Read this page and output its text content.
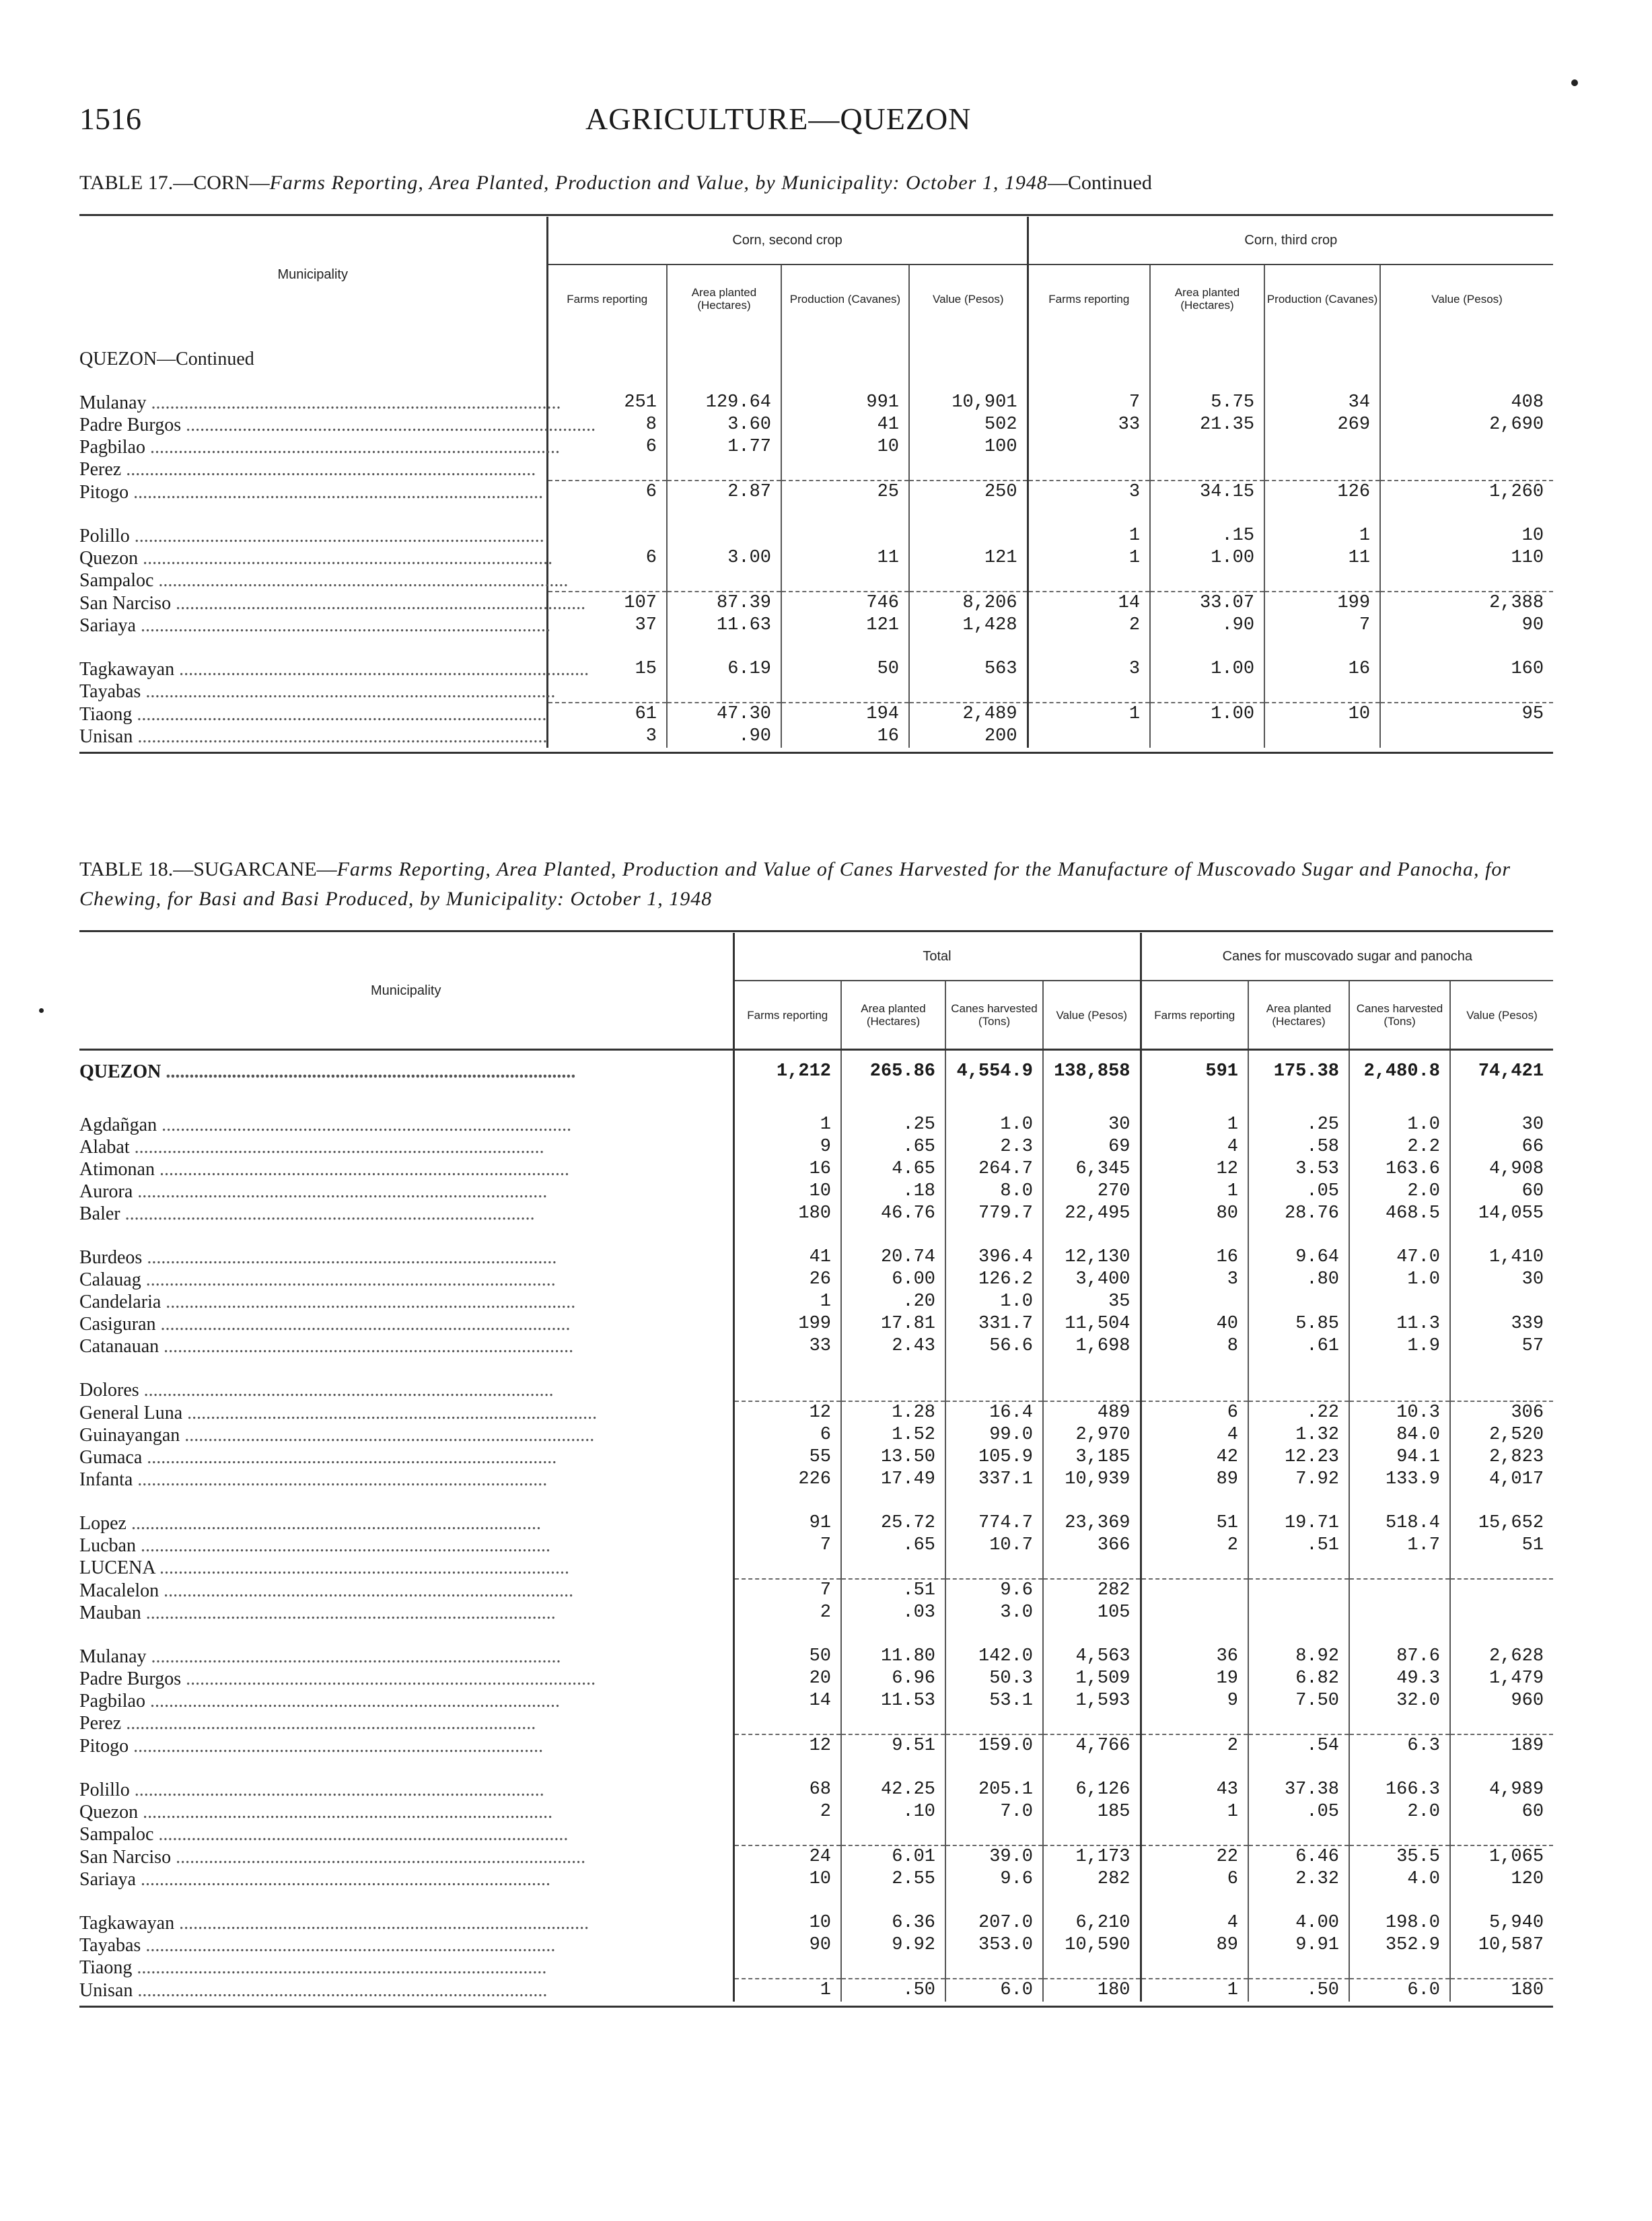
1516	AGRICULTURE—QUEZON
TABLE 17.—CORN—Farms Reporting, Area Planted, Production and Value, by Municipality: October 1, 1948—Continued
Municipality	Corn, second crop				Corn, third crop			
	Farms reporting	Area planted (Hectares)	Production (Cavanes)	Value (Pesos)	Farms reporting	Area planted (Hectares)	Production (Cavanes)	Value (Pesos)
QUEZON—Continued								

Mulanay .......................................................................................	251	129.64	991	10,901	7	5.75	34	408
Padre Burgos .......................................................................................	8	3.60	41	502	33	21.35	269	2,690
Pagbilao .......................................................................................	6	1.77	10	100				
Perez .......................................................................................								
Pitogo .......................................................................................	6	2.87	25	250	3	34.15	126	1,260

Polillo .......................................................................................					1	.15	1	10
Quezon .......................................................................................	6	3.00	11	121	1	1.00	11	110
Sampaloc .......................................................................................								
San Narciso .......................................................................................	107	87.39	746	8,206	14	33.07	199	2,388
Sariaya .......................................................................................	37	11.63	121	1,428	2	.90	7	90

Tagkawayan .......................................................................................	15	6.19	50	563	3	1.00	16	160
Tayabas .......................................................................................								
Tiaong .......................................................................................	61	47.30	194	2,489	1	1.00	10	95
Unisan .......................................................................................	3	.90	16	200				
TABLE 18.—SUGARCANE—Farms Reporting, Area Planted, Production and Value of Canes Harvested for the Manufacture of Muscovado Sugar and Panocha, for Chewing, for Basi and Basi Produced, by Municipality: October 1, 1948
Municipality	Total				Canes for muscovado sugar and panocha			
	Farms reporting	Area planted (Hectares)	Canes harvested (Tons)	Value (Pesos)	Farms reporting	Area planted (Hectares)	Canes harvested (Tons)	Value (Pesos)
QUEZON .......................................................................................	1,212	265.86	4,554.9	138,858	591	175.38	2,480.8	74,421

Agdañgan .......................................................................................	1	.25	1.0	30	1	.25	1.0	30
Alabat .......................................................................................	9	.65	2.3	69	4	.58	2.2	66
Atimonan .......................................................................................	16	4.65	264.7	6,345	12	3.53	163.6	4,908
Aurora .......................................................................................	10	.18	8.0	270	1	.05	2.0	60
Baler .......................................................................................	180	46.76	779.7	22,495	80	28.76	468.5	14,055

Burdeos .......................................................................................	41	20.74	396.4	12,130	16	9.64	47.0	1,410
Calauag .......................................................................................	26	6.00	126.2	3,400	3	.80	1.0	30
Candelaria .......................................................................................	1	.20	1.0	35				
Casiguran .......................................................................................	199	17.81	331.7	11,504	40	5.85	11.3	339
Catanauan .......................................................................................	33	2.43	56.6	1,698	8	.61	1.9	57

Dolores .......................................................................................								
General Luna .......................................................................................	12	1.28	16.4	489	6	.22	10.3	306
Guinayangan .......................................................................................	6	1.52	99.0	2,970	4	1.32	84.0	2,520
Gumaca .......................................................................................	55	13.50	105.9	3,185	42	12.23	94.1	2,823
Infanta .......................................................................................	226	17.49	337.1	10,939	89	7.92	133.9	4,017

Lopez .......................................................................................	91	25.72	774.7	23,369	51	19.71	518.4	15,652
Lucban .......................................................................................	7	.65	10.7	366	2	.51	1.7	51
LUCENA .......................................................................................								
Macalelon .......................................................................................	7	.51	9.6	282				
Mauban .......................................................................................	2	.03	3.0	105				

Mulanay .......................................................................................	50	11.80	142.0	4,563	36	8.92	87.6	2,628
Padre Burgos .......................................................................................	20	6.96	50.3	1,509	19	6.82	49.3	1,479
Pagbilao .......................................................................................	14	11.53	53.1	1,593	9	7.50	32.0	960
Perez .......................................................................................								
Pitogo .......................................................................................	12	9.51	159.0	4,766	2	.54	6.3	189

Polillo .......................................................................................	68	42.25	205.1	6,126	43	37.38	166.3	4,989
Quezon .......................................................................................	2	.10	7.0	185	1	.05	2.0	60
Sampaloc .......................................................................................								
San Narciso .......................................................................................	24	6.01	39.0	1,173	22	6.46	35.5	1,065
Sariaya .......................................................................................	10	2.55	9.6	282	6	2.32	4.0	120

Tagkawayan .......................................................................................	10	6.36	207.0	6,210	4	4.00	198.0	5,940
Tayabas .......................................................................................	90	9.92	353.0	10,590	89	9.91	352.9	10,587
Tiaong .......................................................................................								
Unisan .......................................................................................	1	.50	6.0	180	1	.50	6.0	180
